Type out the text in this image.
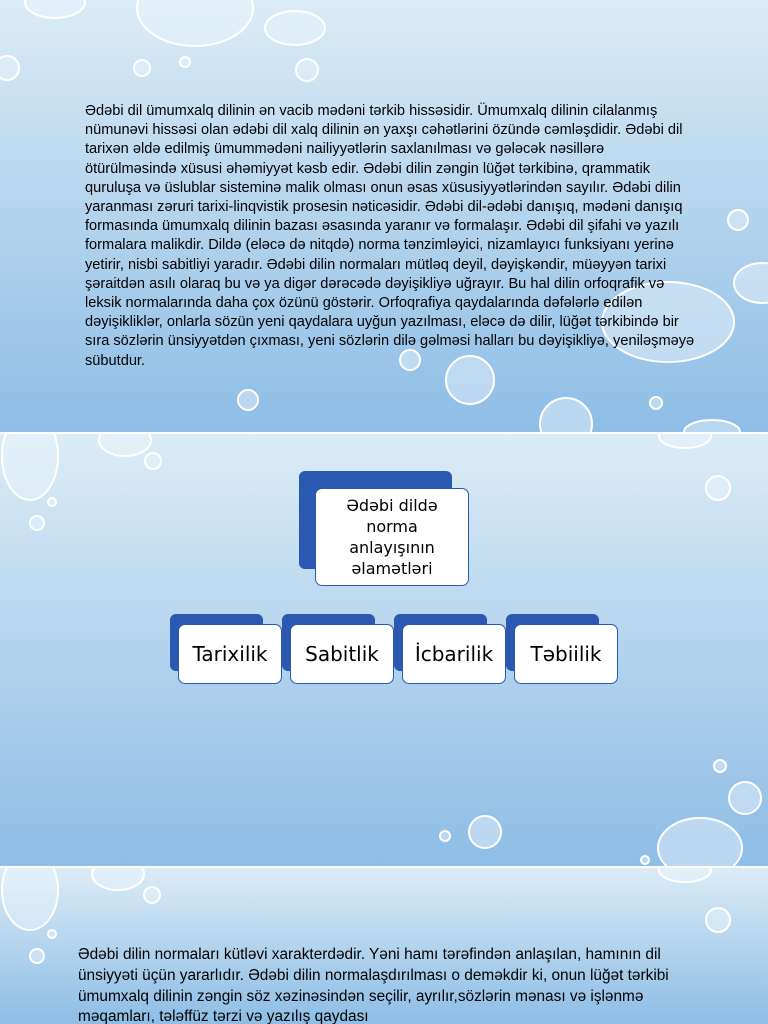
Ədəbi dil ümumxalq dilinin ən vacib mədəni tərkib hissəsidir. Ümumxalq dilinin cilalanmış nümunəvi hissəsi olan ədəbi dil xalq dilinin ən yaxşı cəhətlərini özündə cəmləşdidir. Ədəbi dil tarixən əldə edilmiş ümummədəni nailiyyətlərin saxlanılması və gələcək nəsillərə ötürülməsində xüsusi əhəmiyyət kəsb edir. Ədəbi dilin zəngin lüğət tərkibinə, qrammatik quruluşa və üslublar sisteminə malik olması onun əsas xüsusiyyətlərindən sayılır. Ədəbi dilin yaranması zəruri tarixi-linqvistik prosesin nəticəsidir. Ədəbi dil-ədəbi danışıq, mədəni danışıq formasında ümumxalq dilinin bazası əsasında yaranır və formalaşır. Ədəbi dil şifahi və yazılı formalara malikdir. Dildə (eləcə də nitqdə) norma tənzimləyici, nizamlayıcı funksiyanı yerinə yetirir, nisbi sabitliyi yaradır. Ədəbi dilin normaları mütləq deyil, dəyişkəndir, müəyyən tarixi şəraitdən asılı olaraq bu və ya digər dərəcədə dəyişikliyə uğrayır. Bu hal dilin orfoqrafik və leksik normalarında daha çox özünü göstərir. Orfoqrafiya qaydalarında dəfələrlə edilən dəyişikliklər, onlarla sözün yeni qaydalara uyğun yazılması, eləcə də dilir, lüğət tərkibində bir sıra sözlərin ünsiyyətdən çıxması, yeni sözlərin dilə gəlməsi halları bu dəyişikliyə, yeniləşməyə sübutdur.

Ədəbi dildə norma anlayışının əlamətləri
Tarixilik	Sabitlik	İcbarilik	Təbiilik

Ədəbi dilin normaları kütləvi xarakterdədir. Yəni hamı tərəfindən anlaşılan, hamının dil ünsiyyəti üçün yararlıdır. Ədəbi dilin normalaşdırılması o deməkdir ki, onun lüğət tərkibi ümumxalq dilinin zəngin söz xəzinəsindən seçilir, ayrılır,sözlərin mənası və işlənmə məqamları, tələffüz tərzi və yazılış qaydası
